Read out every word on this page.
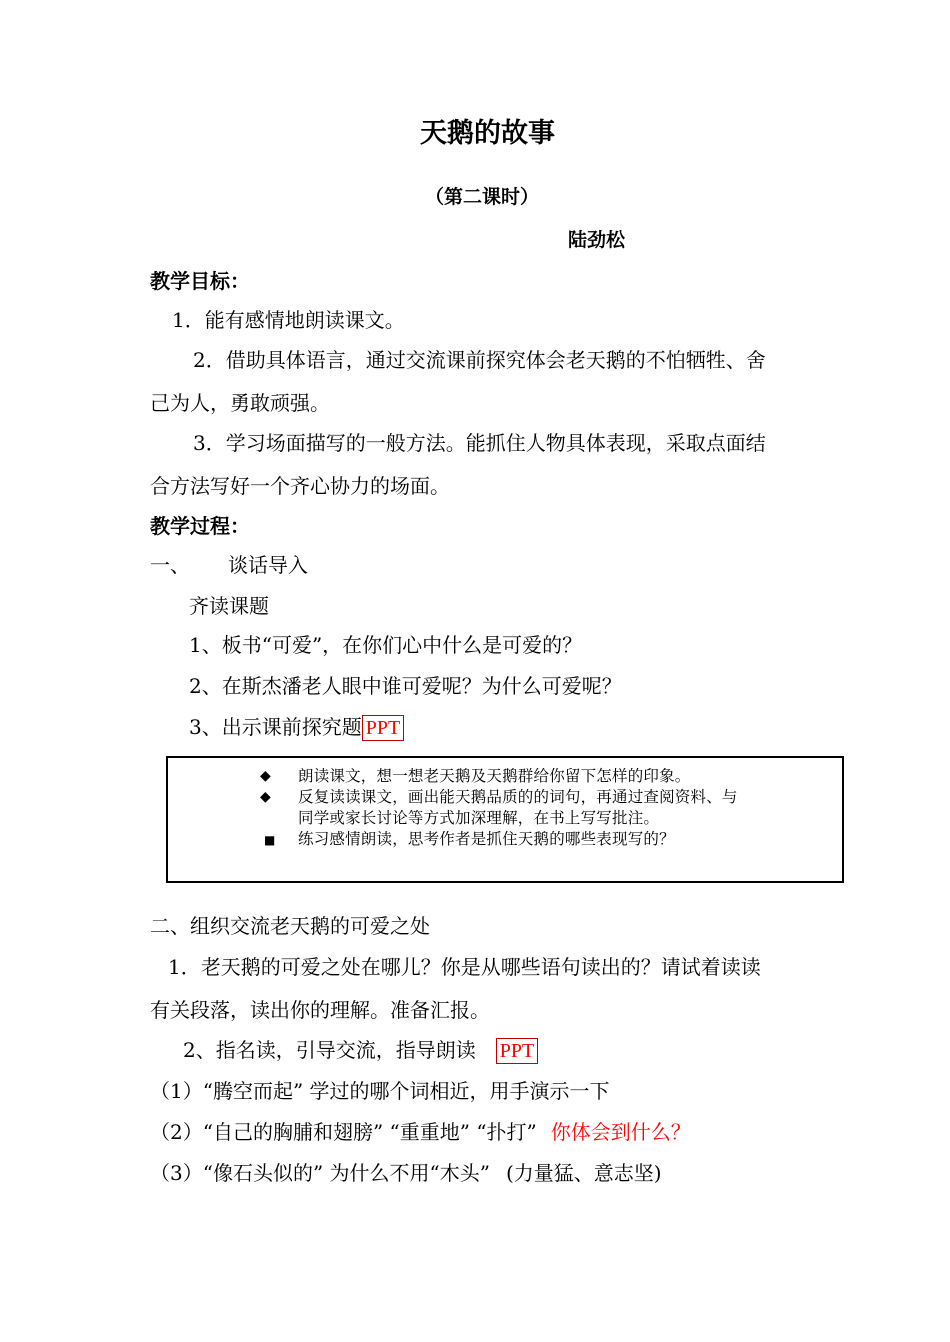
天鹅的故事
（第二课时）
陆劲松
教学目标：
1．能有感情地朗读课文。
2．借助具体语言，通过交流课前探究体会老天鹅的不怕牺牲、舍
己为人，勇敢顽强。
3．学习场面描写的一般方法。能抓住人物具体表现，采取点面结
合方法写好一个齐心协力的场面。
教学过程：
一、 谈话导入
齐读课题
1、板书“可爱”，在你们心中什么是可爱的？
2、在斯杰潘老人眼中谁可爱呢？为什么可爱呢？
3、出示课前探究题 PPT
◆ 朗读课文，想一想老天鹅及天鹅群给你留下怎样的印象。
◆ 反复读读课文，画出能天鹅品质的的词句，再通过查阅资料、与
同学或家长讨论等方式加深理解，在书上写写批注。
■ 练习感情朗读，思考作者是抓住天鹅的哪些表现写的？
二、组织交流老天鹅的可爱之处
1．老天鹅的可爱之处在哪儿？你是从哪些语句读出的？请试着读读
有关段落，读出你的理解。准备汇报。
2、指名读，引导交流，指导朗读 PPT
（1）“腾空而起” 学过的哪个词相近，用手演示一下
（2）“自己的胸脯和翅膀” “重重地” “扑打” 你体会到什么？
（3）“像石头似的” 为什么不用“木头” (力量猛、意志坚)
